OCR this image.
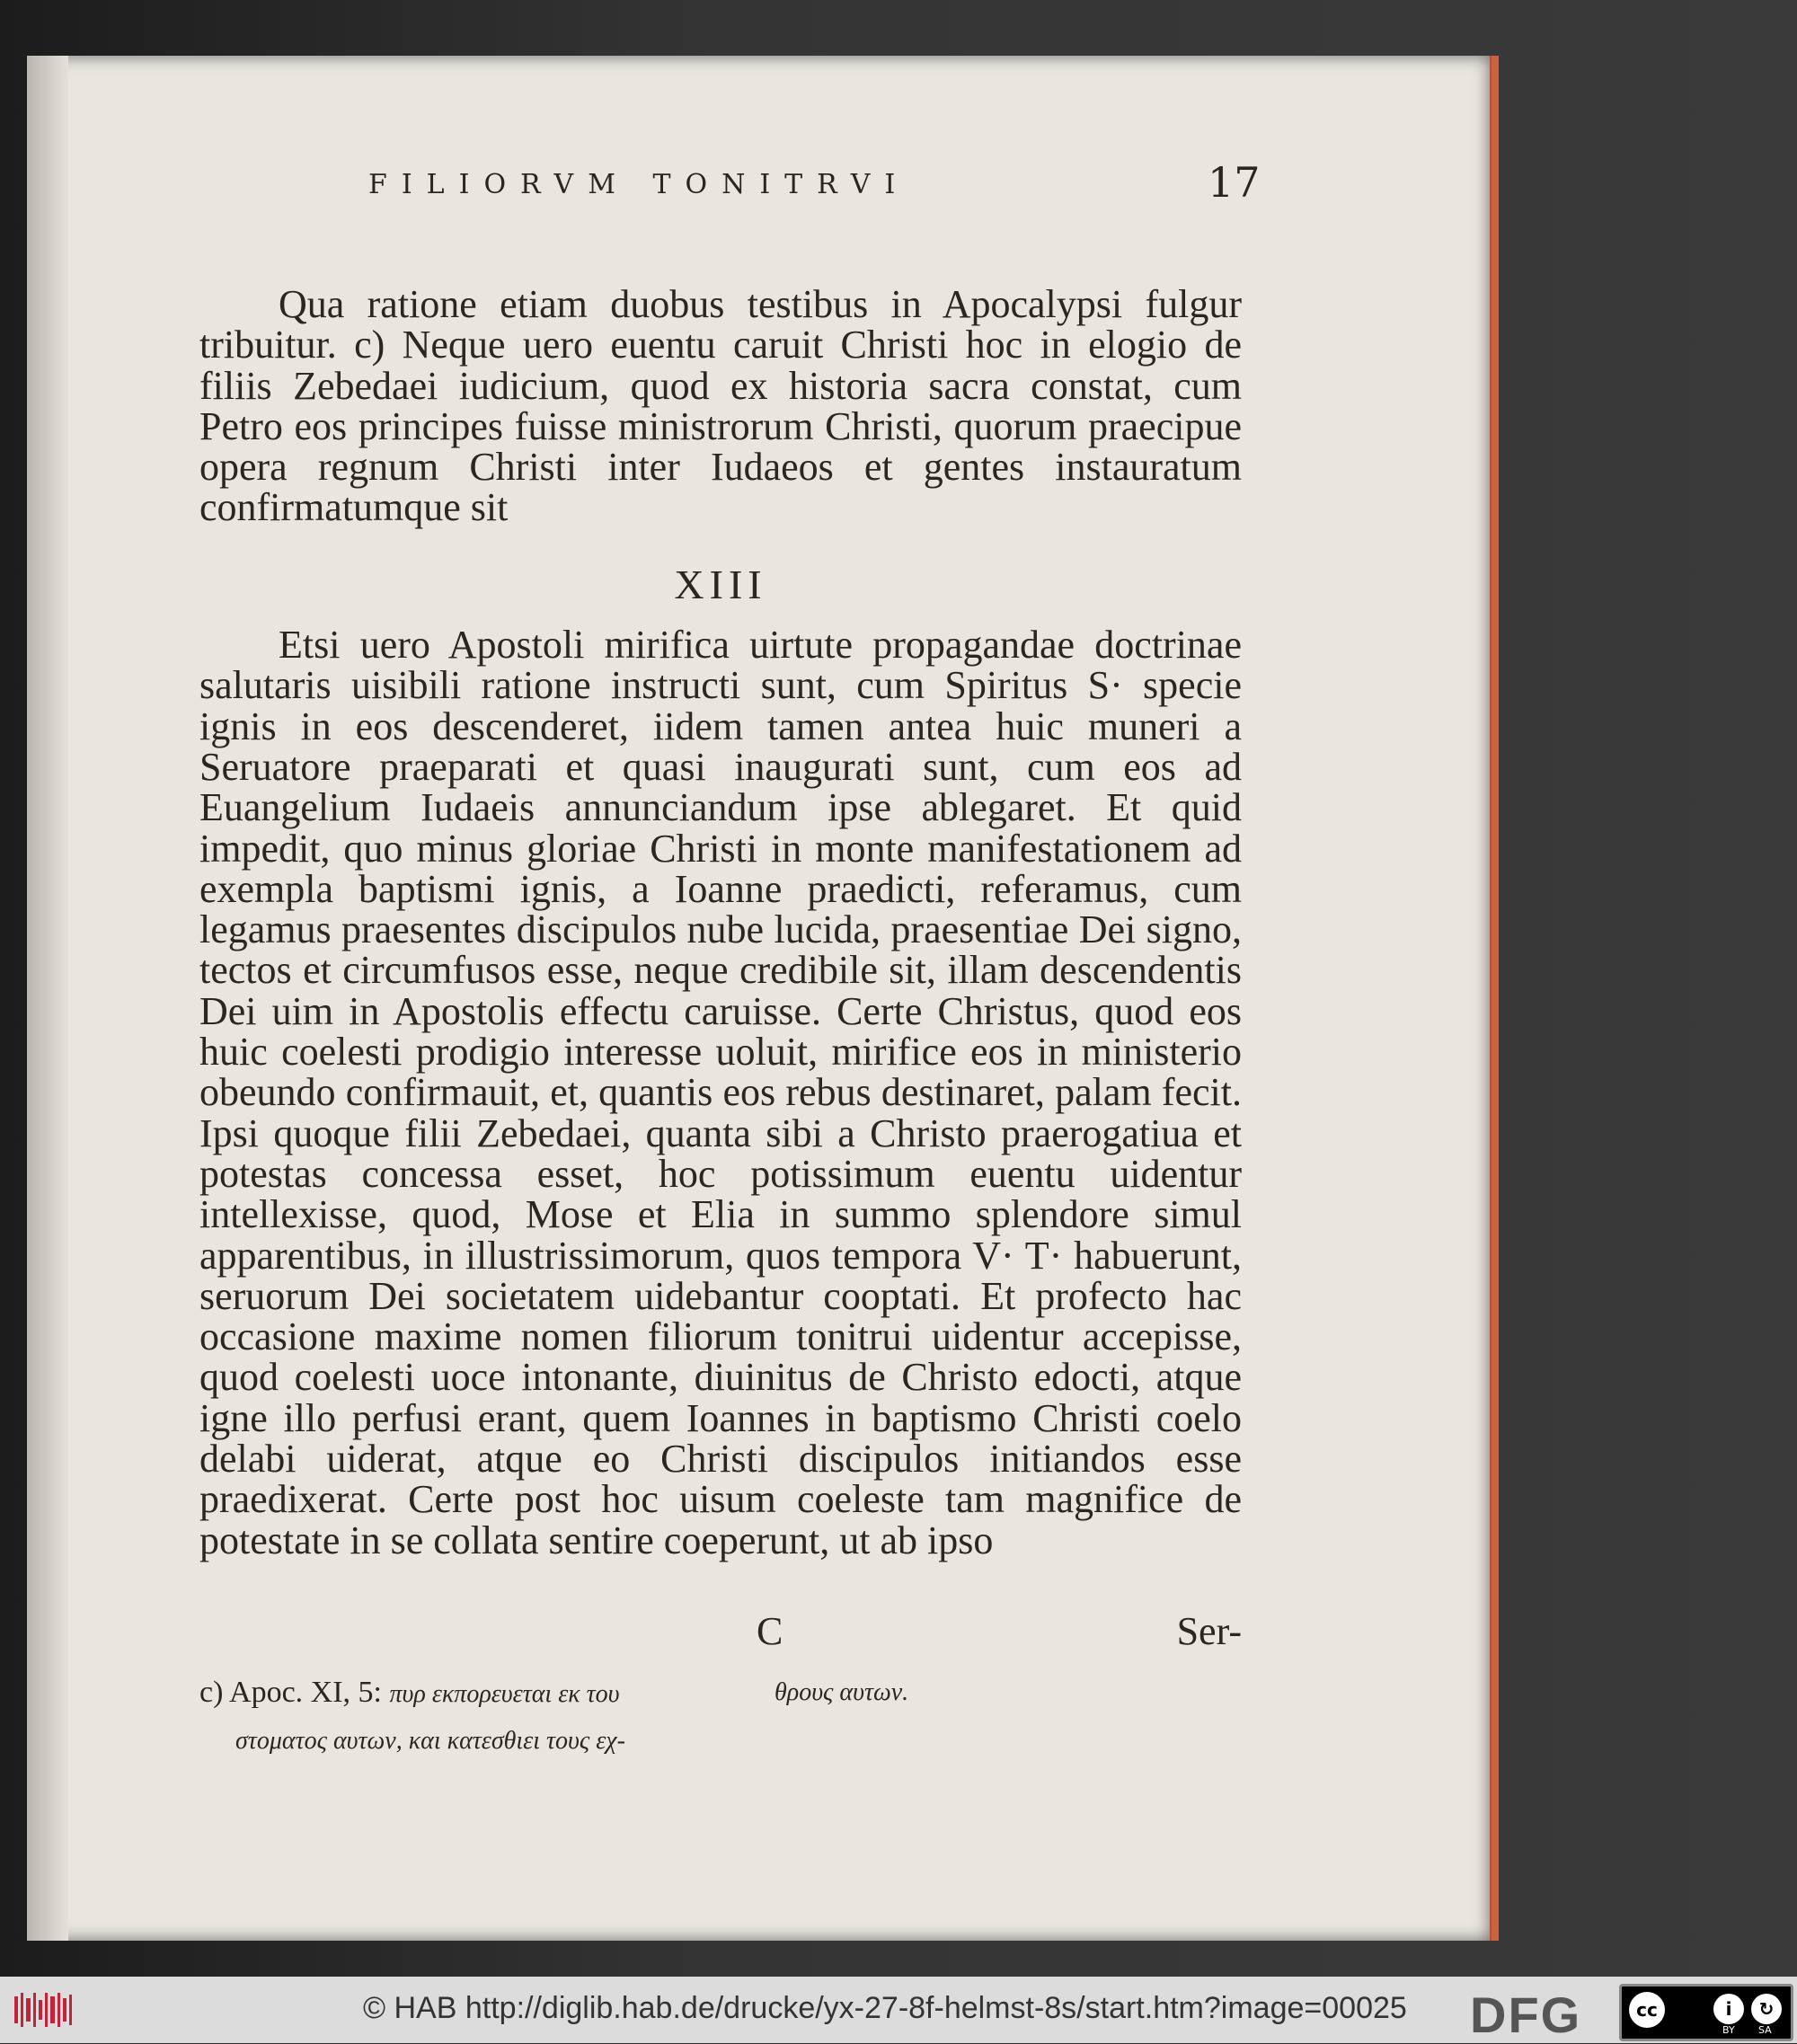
FILIORVM TONITRVI	17

Qua ratione etiam duobus testibus in Apocalypsi fulgur tribuitur. c) Neque uero euentu caruit Christi hoc in elogio de filiis Zebedaei iudicium, quod ex historia sacra constat, cum Petro eos principes fuisse ministrorum Christi, quorum praecipue opera regnum Christi inter Iudaeos et gentes instauratum confirmatumque sit

XIII

Etsi uero Apostoli mirifica uirtute propagandae doctrinae salutaris uisibili ratione instructi sunt, cum Spiritus S· specie ignis in eos descenderet, iidem tamen antea huic muneri a Seruatore praeparati et quasi inaugurati sunt, cum eos ad Euangelium Iudaeis annunciandum ipse ablegaret. Et quid impedit, quo minus gloriae Christi in monte manifestationem ad exempla baptismi ignis, a Ioanne praedicti, referamus, cum legamus praesentes discipulos nube lucida, praesentiae Dei signo, tectos et circumfusos esse, neque credibile sit, illam descendentis Dei uim in Apostolis effectu caruisse. Certe Christus, quod eos huic coelesti prodigio interesse uoluit, mirifice eos in ministerio obeundo confirmauit, et, quantis eos rebus destinaret, palam fecit. Ipsi quoque filii Zebedaei, quanta sibi a Christo praerogatiua et potestas concessa esset, hoc potissimum euentu uidentur intellexisse, quod, Mose et Elia in summo splendore simul apparentibus, in illustrissimorum, quos tempora V· T· habuerunt, seruorum Dei societatem uidebantur cooptati. Et profecto hac occasione maxime nomen filiorum tonitrui uidentur accepisse, quod coelesti uoce intonante, diuinitus de Christo edocti, atque igne illo perfusi erant, quem Ioannes in baptismo Christi coelo delabi uiderat, atque eo Christi discipulos initiandos esse praedixerat. Certe post hoc uisum coeleste tam magnifice de potestate in se collata sentire coeperunt, ut ab ipso

C	Ser-
c) Apoc. XI, 5: πυρ εκπορευεται εκ του	θρους αυτων.
στοματος αυτων, και κατεσθιει τους εχ-
© HAB http://diglib.hab.de/drucke/yx-27-8f-helmst-8s/start.htm?image=00025 DFG	cc	i	↻
BY SA
